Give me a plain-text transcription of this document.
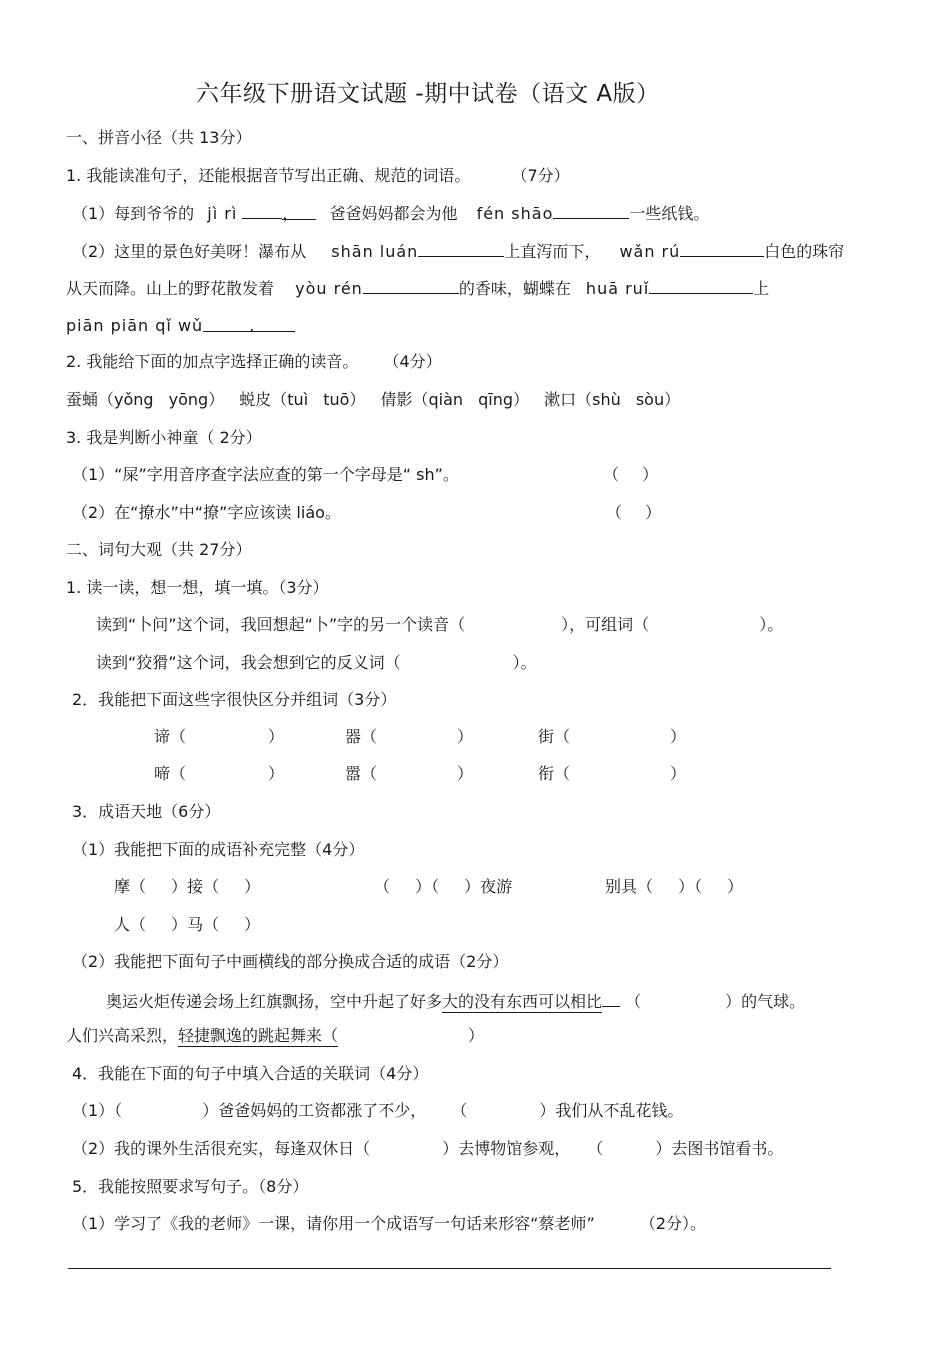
六年级下册语文试题 -期中试卷（语文 A版）
一、拼音小径（共 13分）
1. 我能读准句子，还能根据音节写出正确、规范的词语。	（7分）
（1）每到爷爷的 jì rì	， 爸爸妈妈都会为他 fén shāo	一些纸钱。
（2）这里的景色好美呀！瀑布从 shān luán	上直泻而下， wǎn rú	白色的珠帘
从天而降。山上的野花散发着 yòu rén	的香味，蝴蝶在 huā ruǐ	上
piān piān qǐ wǔ	.
2. 我能给下面的加点字选择正确的读音。 （4分）
蚕蛹（yǒng yōng） 蜕皮（tuì tuō） 倩影（qiàn qīng） 漱口（shù sòu）
3. 我是判断小神童（ 2分）
（1）“屎”字用音序查字法应查的第一个字母是“ sh”。	（ ）
（2）在“撩水”中“撩”字应该读 liáo。	（ ）
二、词句大观（共 27分）
1. 读一读，想一想，填一填。（3分）
读到“卜问”这个词，我回想起“卜”字的另一个读音（	），可组词（	）。
读到“狡猾”这个词，我会想到它的反义词（	）。
2．我能把下面这些字很快区分并组词（3分）
谛（	）	器（	）	街（	）
啼（	）	嚣（	）	衔（	）
3．成语天地（6分）
（1）我能把下面的成语补充完整（4分）
摩（ ）接（ ）	（ ）（ ）夜游	别具（ ）（ ）
人（ ）马（ ）
（2）我能把下面句子中画横线的部分换成合适的成语（2分）
奥运火炬传递会场上红旗飘扬，空中升起了好多大的没有东西可以相比 （	）的气球。
人们兴高采烈，轻捷飘逸的跳起舞来（	）
4．我能在下面的句子中填入合适的关联词（4分）
（1）（	）爸爸妈妈的工资都涨了不少， （	）我们从不乱花钱。
（2）我的课外生活很充实，每逢双休日（	）去博物馆参观， （	）去图书馆看书。
5．我能按照要求写句子。（8分）
（1）学习了《我的老师》一课，请你用一个成语写一句话来形容“蔡老师”	（2分）。
